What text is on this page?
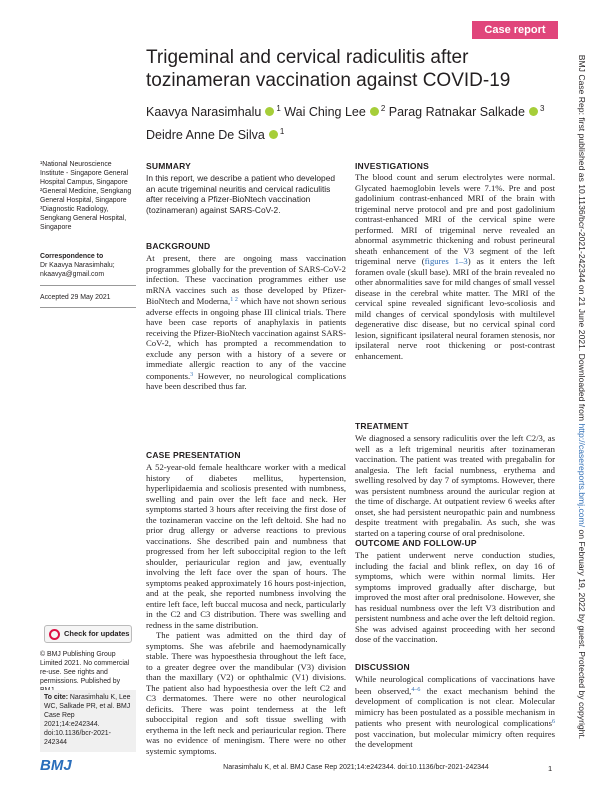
Case report
BMJ Case Rep: first published as 10.1136/bcr-2021-242344 on 21 June 2021. Downloaded from http://casereports.bmj.com/ on February 19, 2022 by guest. Protected by copyright.
Trigeminal and cervical radiculitis after tozinameran vaccination against COVID-19
Kaavya Narasimhalu $^1$ Wai Ching Lee $^2$ Parag Ratnakar Salkade $^3$
Deidre Anne De Silva $^1$
¹National Neuroscience Institute - Singapore General Hospital Campus, Singapore
²General Medicine, Sengkang General Hospital, Singapore
³Diagnostic Radiology, Sengkang General Hospital, Singapore
Correspondence to
Dr Kaavya Narasimhalu;
nkaavya@gmail.com
Accepted 29 May 2021
Check for updates
© BMJ Publishing Group Limited 2021. No commercial re-use. See rights and permissions. Published by
To cite: Narasimhalu K, Lee WC, Salkade PR, et al. BMJ Case Rep 2021;14:e242344. doi:10.1136/bcr-2021-242344
SUMMARY
In this report, we describe a patient who developed an acute trigeminal neuritis and cervical radiculitis after receiving a Pfizer-BioNtech vaccination (tozinameran) against SARS-CoV-2.
BACKGROUND
At present, there are ongoing mass vaccination programmes globally for the prevention of SARS-CoV-2 infection. These vaccination programmes either use mRNA vaccines such as those developed by Pfizer-BioNtech and Moderna,$^{1 2}$ which have not shown serious adverse effects in ongoing phase III clinical trials. There have been case reports of anaphylaxis in patients receiving the Pfizer-BioNtech vaccination against SARS-CoV-2, which has prompted a recommendation to exclude any person with a history of a severe or immediate allergic reaction to any of the vaccine components.$^3$ However, no neurological complications have been described thus far.
CASE PRESENTATION
A 52-year-old female healthcare worker with a medical history of diabetes mellitus, hypertension, hyperlipidaemia and scoliosis presented with numbness, swelling and pain over the left face and neck. Her symptoms started 3 hours after receiving the first dose of the tozinameran vaccine on the left deltoid. She had no prior drug allergy or adverse reactions to previous vaccinations. She described pain and numbness that progressed from her left suboccipital region to the left shoulder, periauricular region and jaw, eventually involving the left face over the span of hours. The symptoms peaked approximately 16 hours post-injection, and at the peak, she reported numbness involving the entire left face, left buccal mucosa and neck, particularly in the C2 and C3 distribution. There was swelling and redness in the same distribution.
The patient was admitted on the third day of symptoms. She was afebrile and haemodynamically stable. There was hypoesthesia throughout the left face, to a greater degree over the mandibular (V3) division than the maxillary (V2) or ophthalmic (V1) divisions. The patient also had hypoesthesia over the left C2 and C3 dermatomes. There were no other neurological deficits. There was point tenderness at the left suboccipital region and soft tissue swelling with erythema in the left neck and periauricular region. There was no evidence of meningism. There were no other systemic symptoms.
INVESTIGATIONS
The blood count and serum electrolytes were normal. Glycated haemoglobin levels were 7.1%. Pre and post gadolinium contrast-enhanced MRI of the brain with trigeminal nerve protocol and pre and post gadolinium contrast-enhanced MRI of the cervical spine were performed. MRI of trigeminal nerve revealed an abnormal asymmetric thickening and robust perineural sheath enhancement of the V3 segment of the left trigeminal nerve (figures 1–3) as it enters the left foramen ovale (skull base). MRI of the brain revealed no other abnormalities save for mild changes of small vessel disease in the cerebral white matter. The MRI of the cervical spine revealed significant levo-scoliosis and mild changes of cervical spondylosis with multilevel degenerative disc disease, but no cervical spinal cord lesion, significant ipsilateral neural foramen stenosis, nor ipsilateral nerve root thickening or post-contrast enhancement.
TREATMENT
We diagnosed a sensory radiculitis over the left C2/3, as well as a left trigeminal neuritis after tozinameran vaccination. The patient was treated with pregabalin for analgesia. The left facial numbness, erythema and swelling resolved by day 7 of symptoms. However, there was persistent numbness around the auricular region at the time of discharge. At outpatient review 6 weeks after onset, she had persistent neuropathic pain and numbness despite treatment with pregabalin. As such, she was started on a tapering course of oral prednisolone.
OUTCOME AND FOLLOW-UP
The patient underwent nerve conduction studies, including the facial and blink reflex, on day 16 of symptoms, which were within normal limits. Her symptoms improved gradually after discharge, but improved the most after oral prednisolone. However, she has residual numbness over the left V3 distribution and persistent numbness and ache over the left deltoid region. She was advised against proceeding with her second dose of the vaccination.
DISCUSSION
While neurological complications of vaccinations have been observed,$^{4-6}$ the exact mechanism behind the development of complication is not clear. Molecular mimicry has been postulated as a possible mechanism in patients who present with neurological complications$^6$ post vaccination, but molecular mimicry often requires the development
BMJ	Narasimhalu K, et al. BMJ Case Rep 2021;14:e242344. doi:10.1136/bcr-2021-242344	1
